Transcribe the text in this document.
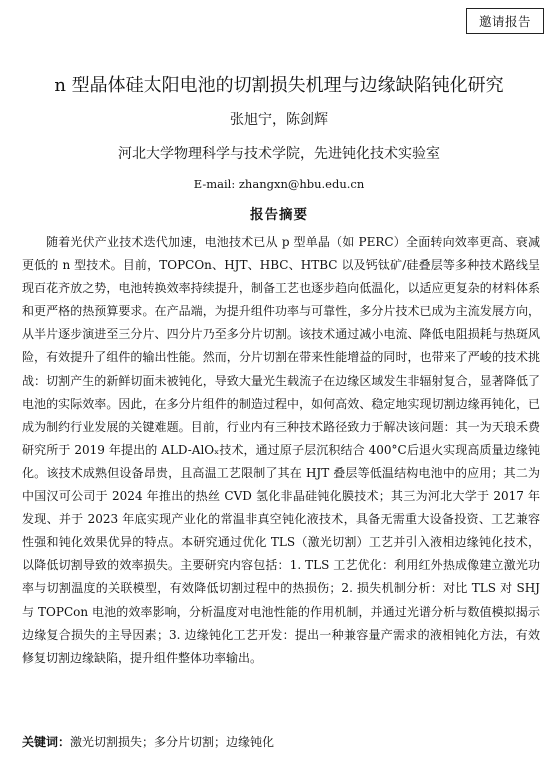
邀请报告
n 型晶体硅太阳电池的切割损失机理与边缘缺陷钝化研究
张旭宁，陈剑辉
河北大学物理科学与技术学院，先进钝化技术实验室
E-mail: zhangxn@hbu.edu.cn
报告摘要

随着光伏产业技术迭代加速，电池技术已从 p 型单晶（如 PERC）全面转向效率更高、衰减更低的 n 型技术。目前，TOPCOn、HJT、HBC、HTBC 以及钙钛矿/硅叠层等多种技术路线呈现百花齐放之势，电池转换效率持续提升，制备工艺也逐步趋向低温化，以适应更复杂的材料体系和更严格的热预算要求。在产品端，为提升组件功率与可靠性，多分片技术已成为主流发展方向，从半片逐步演进至三分片、四分片乃至多分片切割。该技术通过减小电流、降低电阻损耗与热斑风险，有效提升了组件的输出性能。然而，分片切割在带来性能增益的同时，也带来了严峻的技术挑战：切割产生的新鲜切面未被钝化，导致大量光生载流子在边缘区域发生非辐射复合，显著降低了电池的实际效率。因此，在多分片组件的制造过程中，如何高效、稳定地实现切割边缘再钝化，已成为制约行业发展的关键难题。目前，行业内有三种技术路径致力于解决该问题：其一为天琅禾费研究所于 2019 年提出的 ALD-AlOₓ技术，通过原子层沉积结合 400°C后退火实现高质量边缘钝化。该技术成熟但设备昂贵，且高温工艺限制了其在 HJT 叠层等低温结构电池中的应用；其二为中国汉可公司于 2024 年推出的热丝 CVD 氢化非晶硅钝化膜技术；其三为河北大学于 2017 年发现、并于 2023 年底实现产业化的常温非真空钝化液技术，具备无需重大设备投资、工艺兼容性强和钝化效果优异的特点。本研究通过优化 TLS（激光切割）工艺并引入液相边缘钝化技术，以降低切割导致的效率损失。主要研究内容包括：1. TLS 工艺优化：利用红外热成像建立激光功率与切割温度的关联模型，有效降低切割过程中的热损伤；2. 损失机制分析：对比 TLS 对 SHJ 与 TOPCon 电池的效率影响，分析温度对电池性能的作用机制，并通过光谱分析与数值模拟揭示边缘复合损失的主导因素；3. 边缘钝化工艺开发：提出一种兼容量产需求的液相钝化方法，有效修复切割边缘缺陷，提升组件整体功率输出。

关键词：激光切割损失；多分片切割；边缘钝化
